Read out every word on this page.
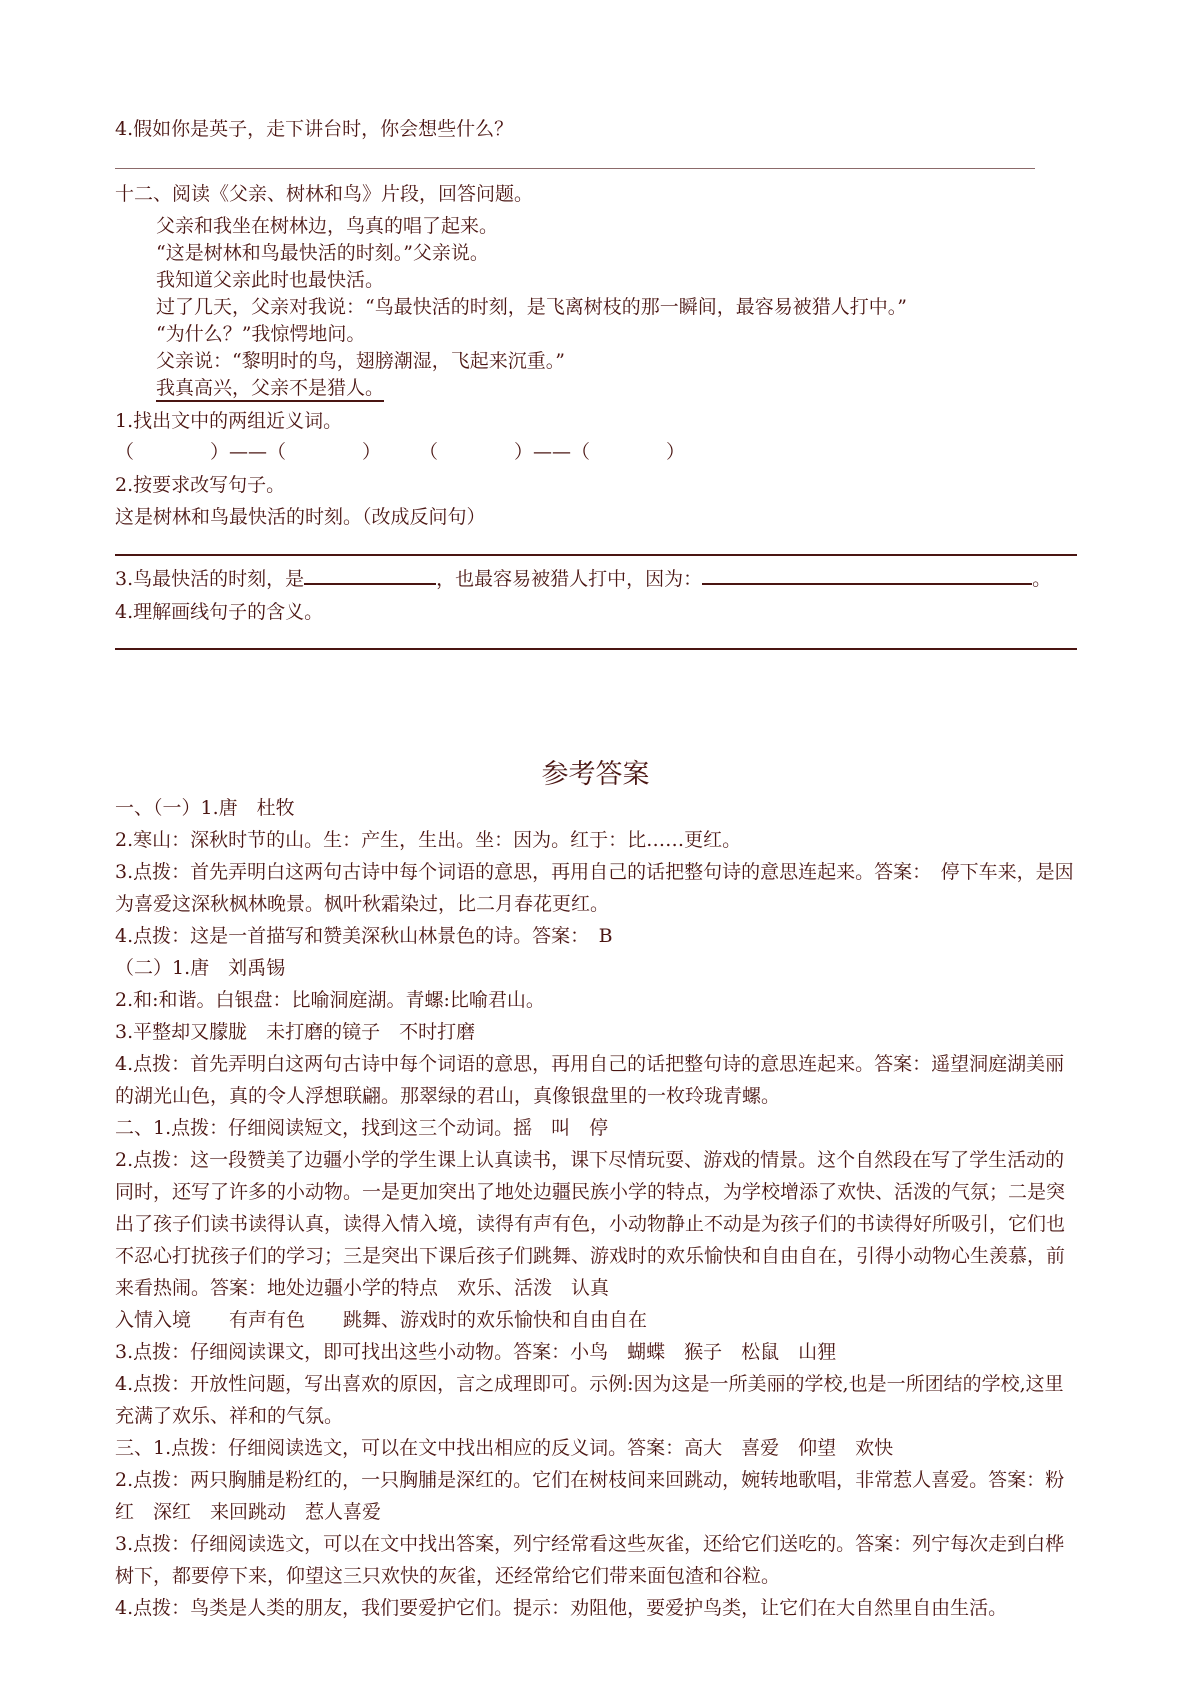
4.假如你是英子，走下讲台时，你会想些什么？
十二、阅读《父亲、树林和鸟》片段，回答问题。
父亲和我坐在树林边，鸟真的唱了起来。
“这是树林和鸟最快活的时刻。”父亲说。
我知道父亲此时也最快活。
过了几天，父亲对我说：“鸟最快活的时刻，是飞离树枝的那一瞬间，最容易被猎人打中。”
“为什么？”我惊愕地问。
父亲说：“黎明时的鸟，翅膀潮湿，飞起来沉重。”
我真高兴，父亲不是猎人。
1.找出文中的两组近义词。
（　　　　）——（　　　　）　　　（　　　　）——（　　　　）
2.按要求改写句子。
这是树林和鸟最快活的时刻。（改成反问句）
3.鸟最快活的时刻，是	，也最容易被猎人打中，因为：	。
4.理解画线句子的含义。
参考答案
一、（一）1.唐　杜牧
2.寒山：深秋时节的山。生：产生，生出。坐：因为。红于：比……更红。
3.点拨：首先弄明白这两句古诗中每个词语的意思，再用自己的话把整句诗的意思连起来。答案：　停下车来，是因为喜爱这深秋枫林晚景。枫叶秋霜染过，比二月春花更红。
4.点拨：这是一首描写和赞美深秋山林景色的诗。答案：　B
（二）1.唐　刘禹锡
2.和:和谐。白银盘：比喻洞庭湖。青螺:比喻君山。
3.平整却又朦胧　未打磨的镜子　不时打磨
4.点拨：首先弄明白这两句古诗中每个词语的意思，再用自己的话把整句诗的意思连起来。答案：遥望洞庭湖美丽的湖光山色，真的令人浮想联翩。那翠绿的君山，真像银盘里的一枚玲珑青螺。
二、1.点拨：仔细阅读短文，找到这三个动词。摇　叫　停
2.点拨：这一段赞美了边疆小学的学生课上认真读书，课下尽情玩耍、游戏的情景。这个自然段在写了学生活动的同时，还写了许多的小动物。一是更加突出了地处边疆民族小学的特点，为学校增添了欢快、活泼的气氛；二是突出了孩子们读书读得认真，读得入情入境，读得有声有色，小动物静止不动是为孩子们的书读得好所吸引，它们也不忍心打扰孩子们的学习；三是突出下课后孩子们跳舞、游戏时的欢乐愉快和自由自在，引得小动物心生羡慕，前来看热闹。答案：地处边疆小学的特点　欢乐、活泼　认真
入情入境　　有声有色　　跳舞、游戏时的欢乐愉快和自由自在
3.点拨：仔细阅读课文，即可找出这些小动物。答案：小鸟　蝴蝶　猴子　松鼠　山狸
4.点拨：开放性问题，写出喜欢的原因，言之成理即可。示例:因为这是一所美丽的学校,也是一所团结的学校,这里充满了欢乐、祥和的气氛。
三、1.点拨：仔细阅读选文，可以在文中找出相应的反义词。答案：高大　喜爱　仰望　欢快
2.点拨：两只胸脯是粉红的，一只胸脯是深红的。它们在树枝间来回跳动，婉转地歌唱，非常惹人喜爱。答案：粉红　深红　来回跳动　惹人喜爱
3.点拨：仔细阅读选文，可以在文中找出答案，列宁经常看这些灰雀，还给它们送吃的。答案：列宁每次走到白桦树下，都要停下来，仰望这三只欢快的灰雀，还经常给它们带来面包渣和谷粒。
4.点拨：鸟类是人类的朋友，我们要爱护它们。提示：劝阻他，要爱护鸟类，让它们在大自然里自由生活。
